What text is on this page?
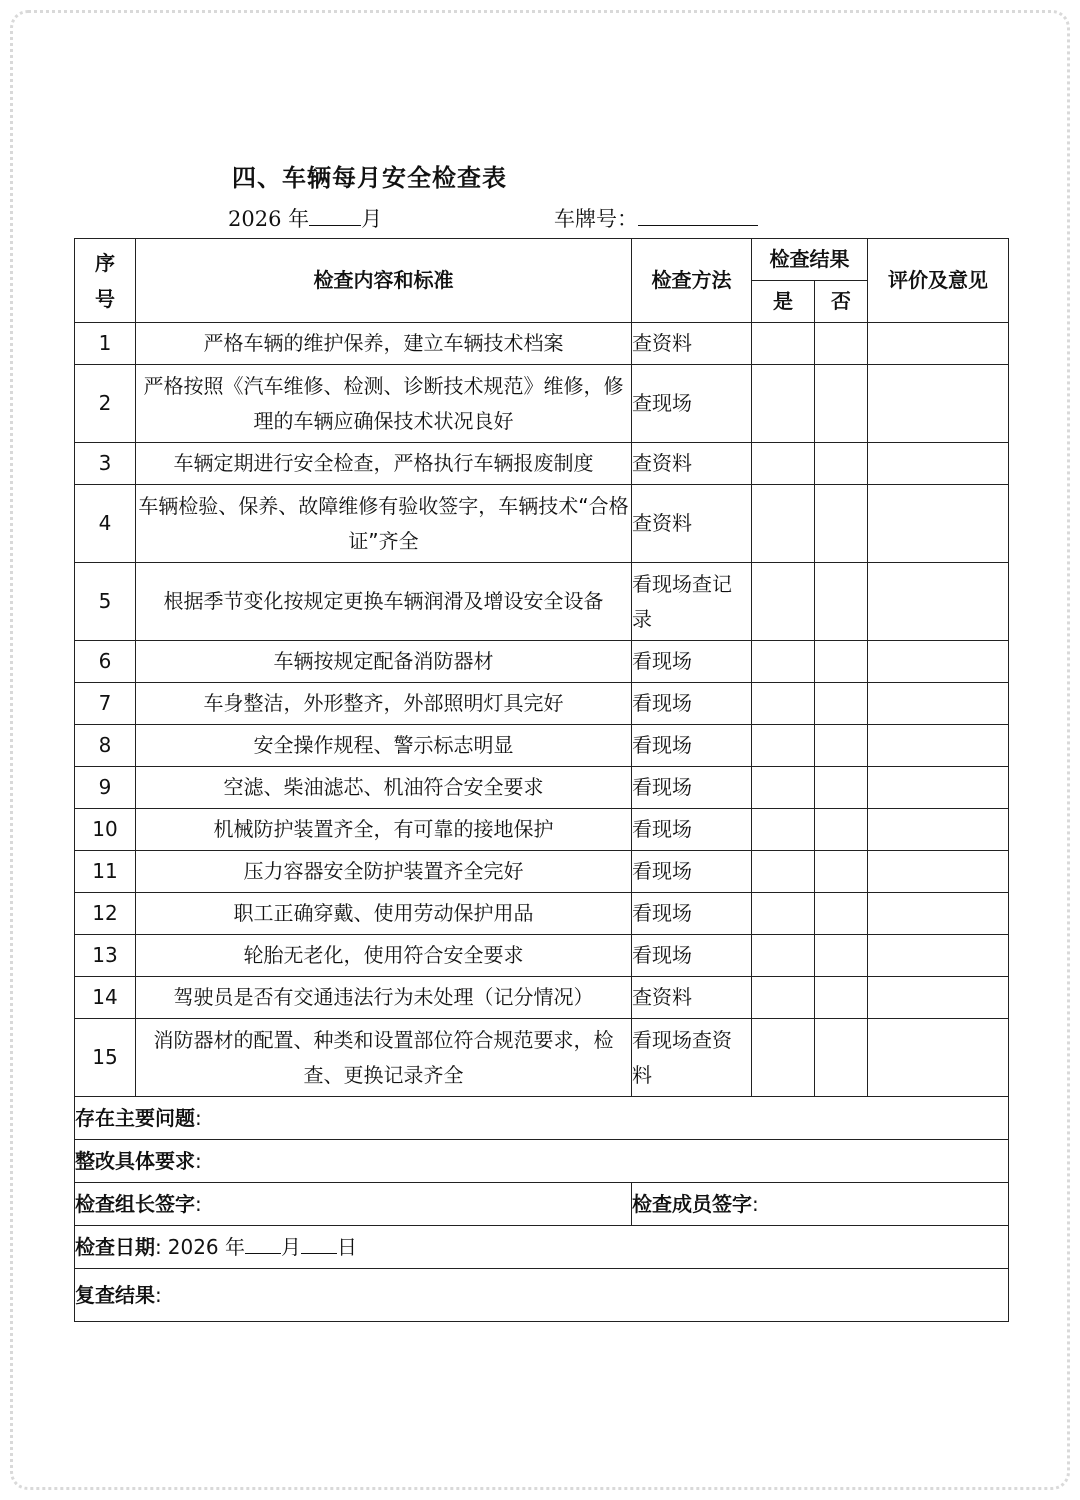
四、车辆每月安全检查表
2026 年 月	车牌号：
序号	检查内容和标准	检查方法	检查结果		评价及意见
			是	否	
1	严格车辆的维护保养，建立车辆技术档案	查资料			
2	严格按照《汽车维修、检测、诊断技术规范》维修，修理的车辆应确保技术状况良好	查现场			
3	车辆定期进行安全检查，严格执行车辆报废制度	查资料			
4	车辆检验、保养、故障维修有验收签字，车辆技术“合格证”齐全	查资料			
5	根据季节变化按规定更换车辆润滑及增设安全设备	看现场查记录			
6	车辆按规定配备消防器材	看现场			
7	车身整洁，外形整齐，外部照明灯具完好	看现场			
8	安全操作规程、警示标志明显	看现场			
9	空滤、柴油滤芯、机油符合安全要求	看现场			
10	机械防护装置齐全，有可靠的接地保护	看现场			
11	压力容器安全防护装置齐全完好	看现场			
12	职工正确穿戴、使用劳动保护用品	看现场			
13	轮胎无老化，使用符合安全要求	看现场			
14	驾驶员是否有交通违法行为未处理（记分情况）	查资料			
15	消防器材的配置、种类和设置部位符合规范要求，检查、更换记录齐全	看现场查资料			
存在主要问题:					
整改具体要求:					
检查组长签字:		检查成员签字:			
检查日期: 2026 年 月 日					
复查结果:					
